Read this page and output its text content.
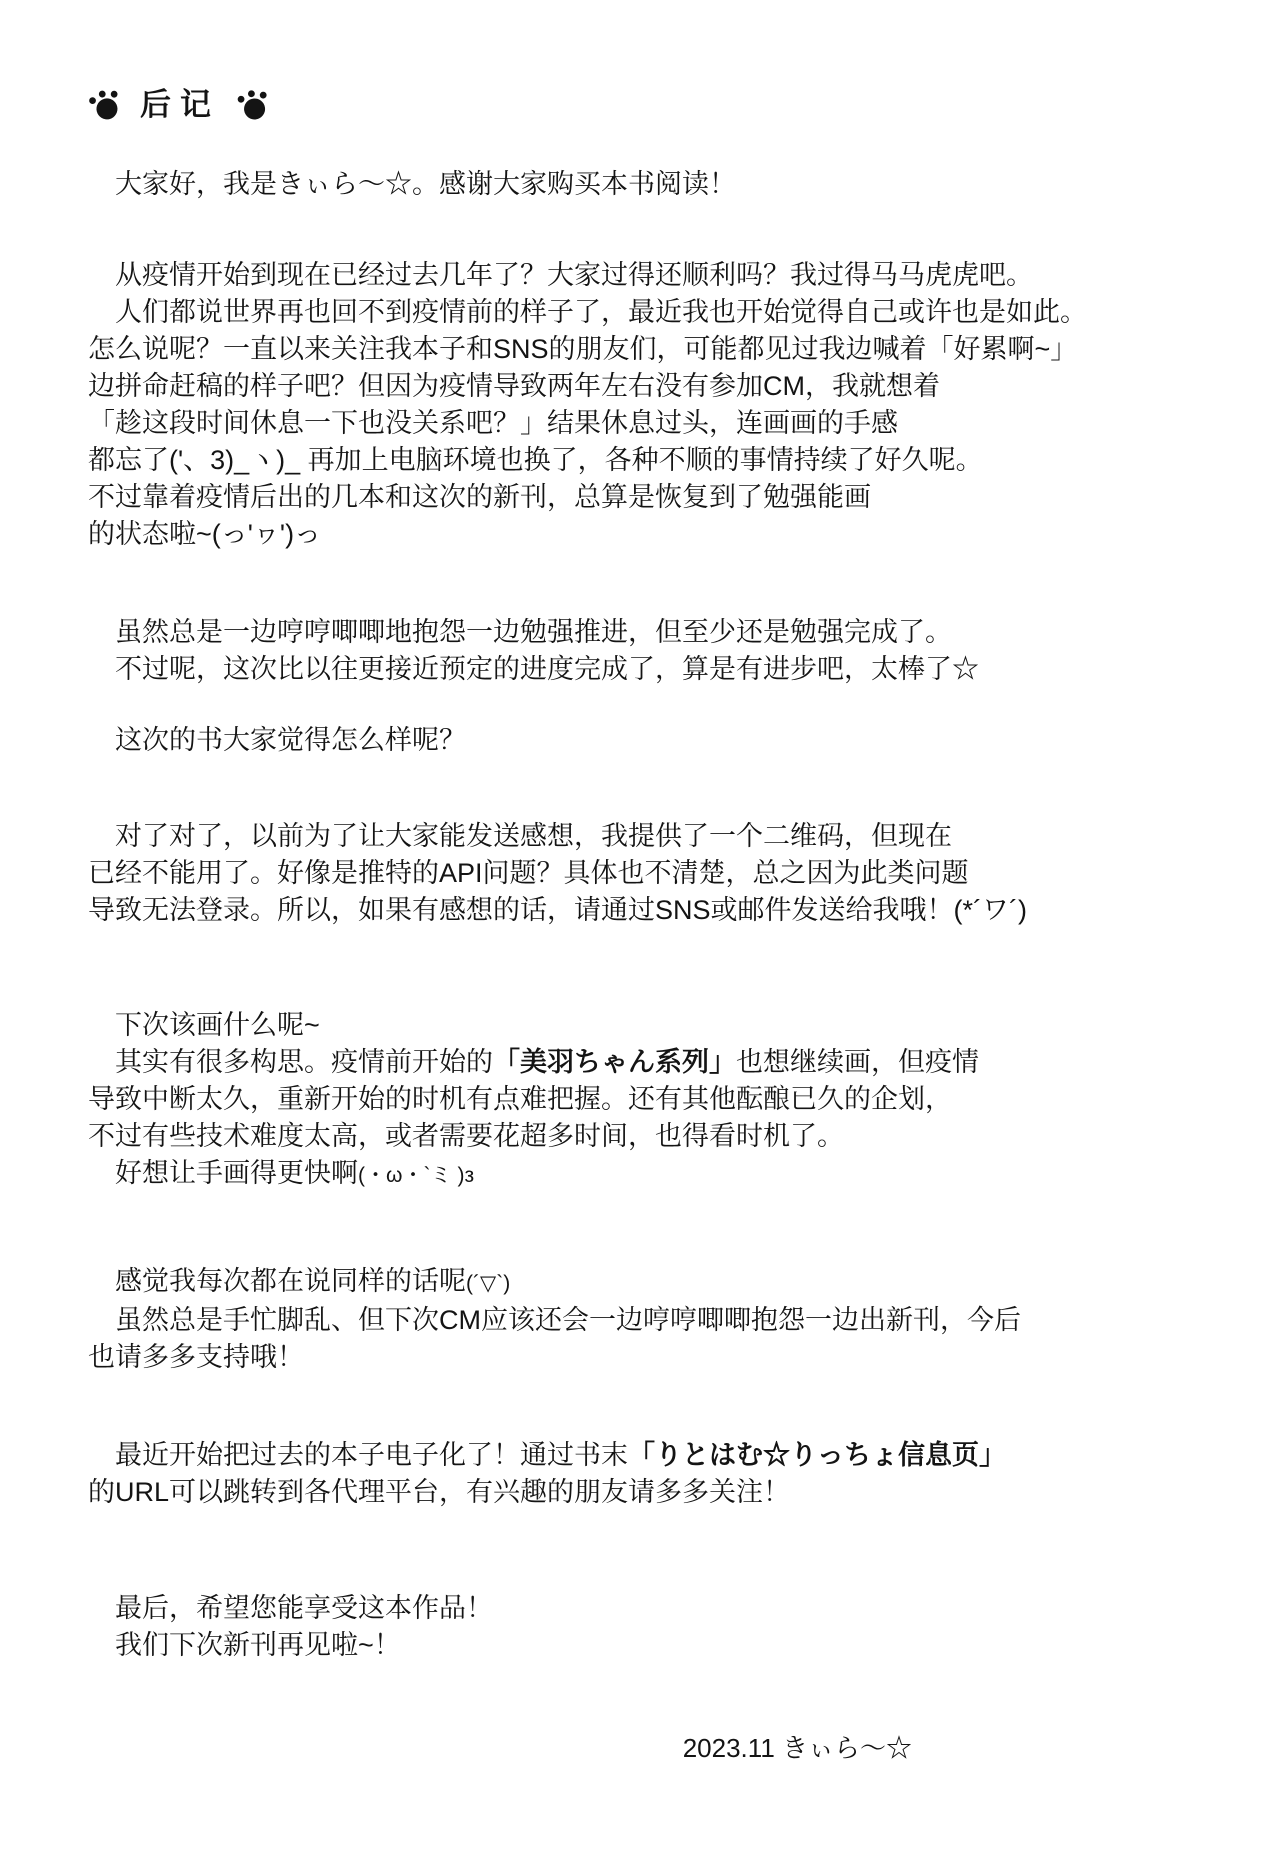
后记

　大家好，我是きぃら～☆。感谢大家购买本书阅读！

　从疫情开始到现在已经过去几年了？大家过得还顺利吗？我过得马马虎虎吧。

　人们都说世界再也回不到疫情前的样子了，最近我也开始觉得自己或许也是如此。

怎么说呢？一直以来关注我本子和SNS的朋友们，可能都见过我边喊着「好累啊~」

边拼命赶稿的样子吧？但因为疫情导致两年左右没有参加CM，我就想着

「趁这段时间休息一下也没关系吧？」结果休息过头，连画画的手感

都忘了('、3)_ヽ)_ 再加上电脑环境也换了，各种不顺的事情持续了好久呢。

不过靠着疫情后出的几本和这次的新刊，总算是恢复到了勉强能画

的状态啦~(っ'ヮ')っ

　虽然总是一边哼哼唧唧地抱怨一边勉强推进，但至少还是勉强完成了。

　不过呢，这次比以往更接近预定的进度完成了，算是有进步吧，太棒了☆

　这次的书大家觉得怎么样呢？

　对了对了，以前为了让大家能发送感想，我提供了一个二维码，但现在

已经不能用了。好像是推特的API问题？具体也不清楚，总之因为此类问题

导致无法登录。所以，如果有感想的话，请通过SNS或邮件发送给我哦！(*´ワ´)

　下次该画什么呢~

　其实有很多构思。疫情前开始的「美羽ちゃん系列」也想继续画，但疫情

导致中断太久，重新开始的时机有点难把握。还有其他酝酿已久的企划，

不过有些技术难度太高，或者需要花超多时间，也得看时机了。

　好想让手画得更快啊(・ω・`ミ )з

　感觉我每次都在说同样的话呢(´▽`)

　虽然总是手忙脚乱、但下次CM应该还会一边哼哼唧唧抱怨一边出新刊，今后

也请多多支持哦！

　最近开始把过去的本子电子化了！通过书末「りとはむ☆りっちょ信息页」

的URL可以跳转到各代理平台，有兴趣的朋友请多多关注！

　最后，希望您能享受这本作品！

　我们下次新刊再见啦~！

2023.11 きぃら～☆
